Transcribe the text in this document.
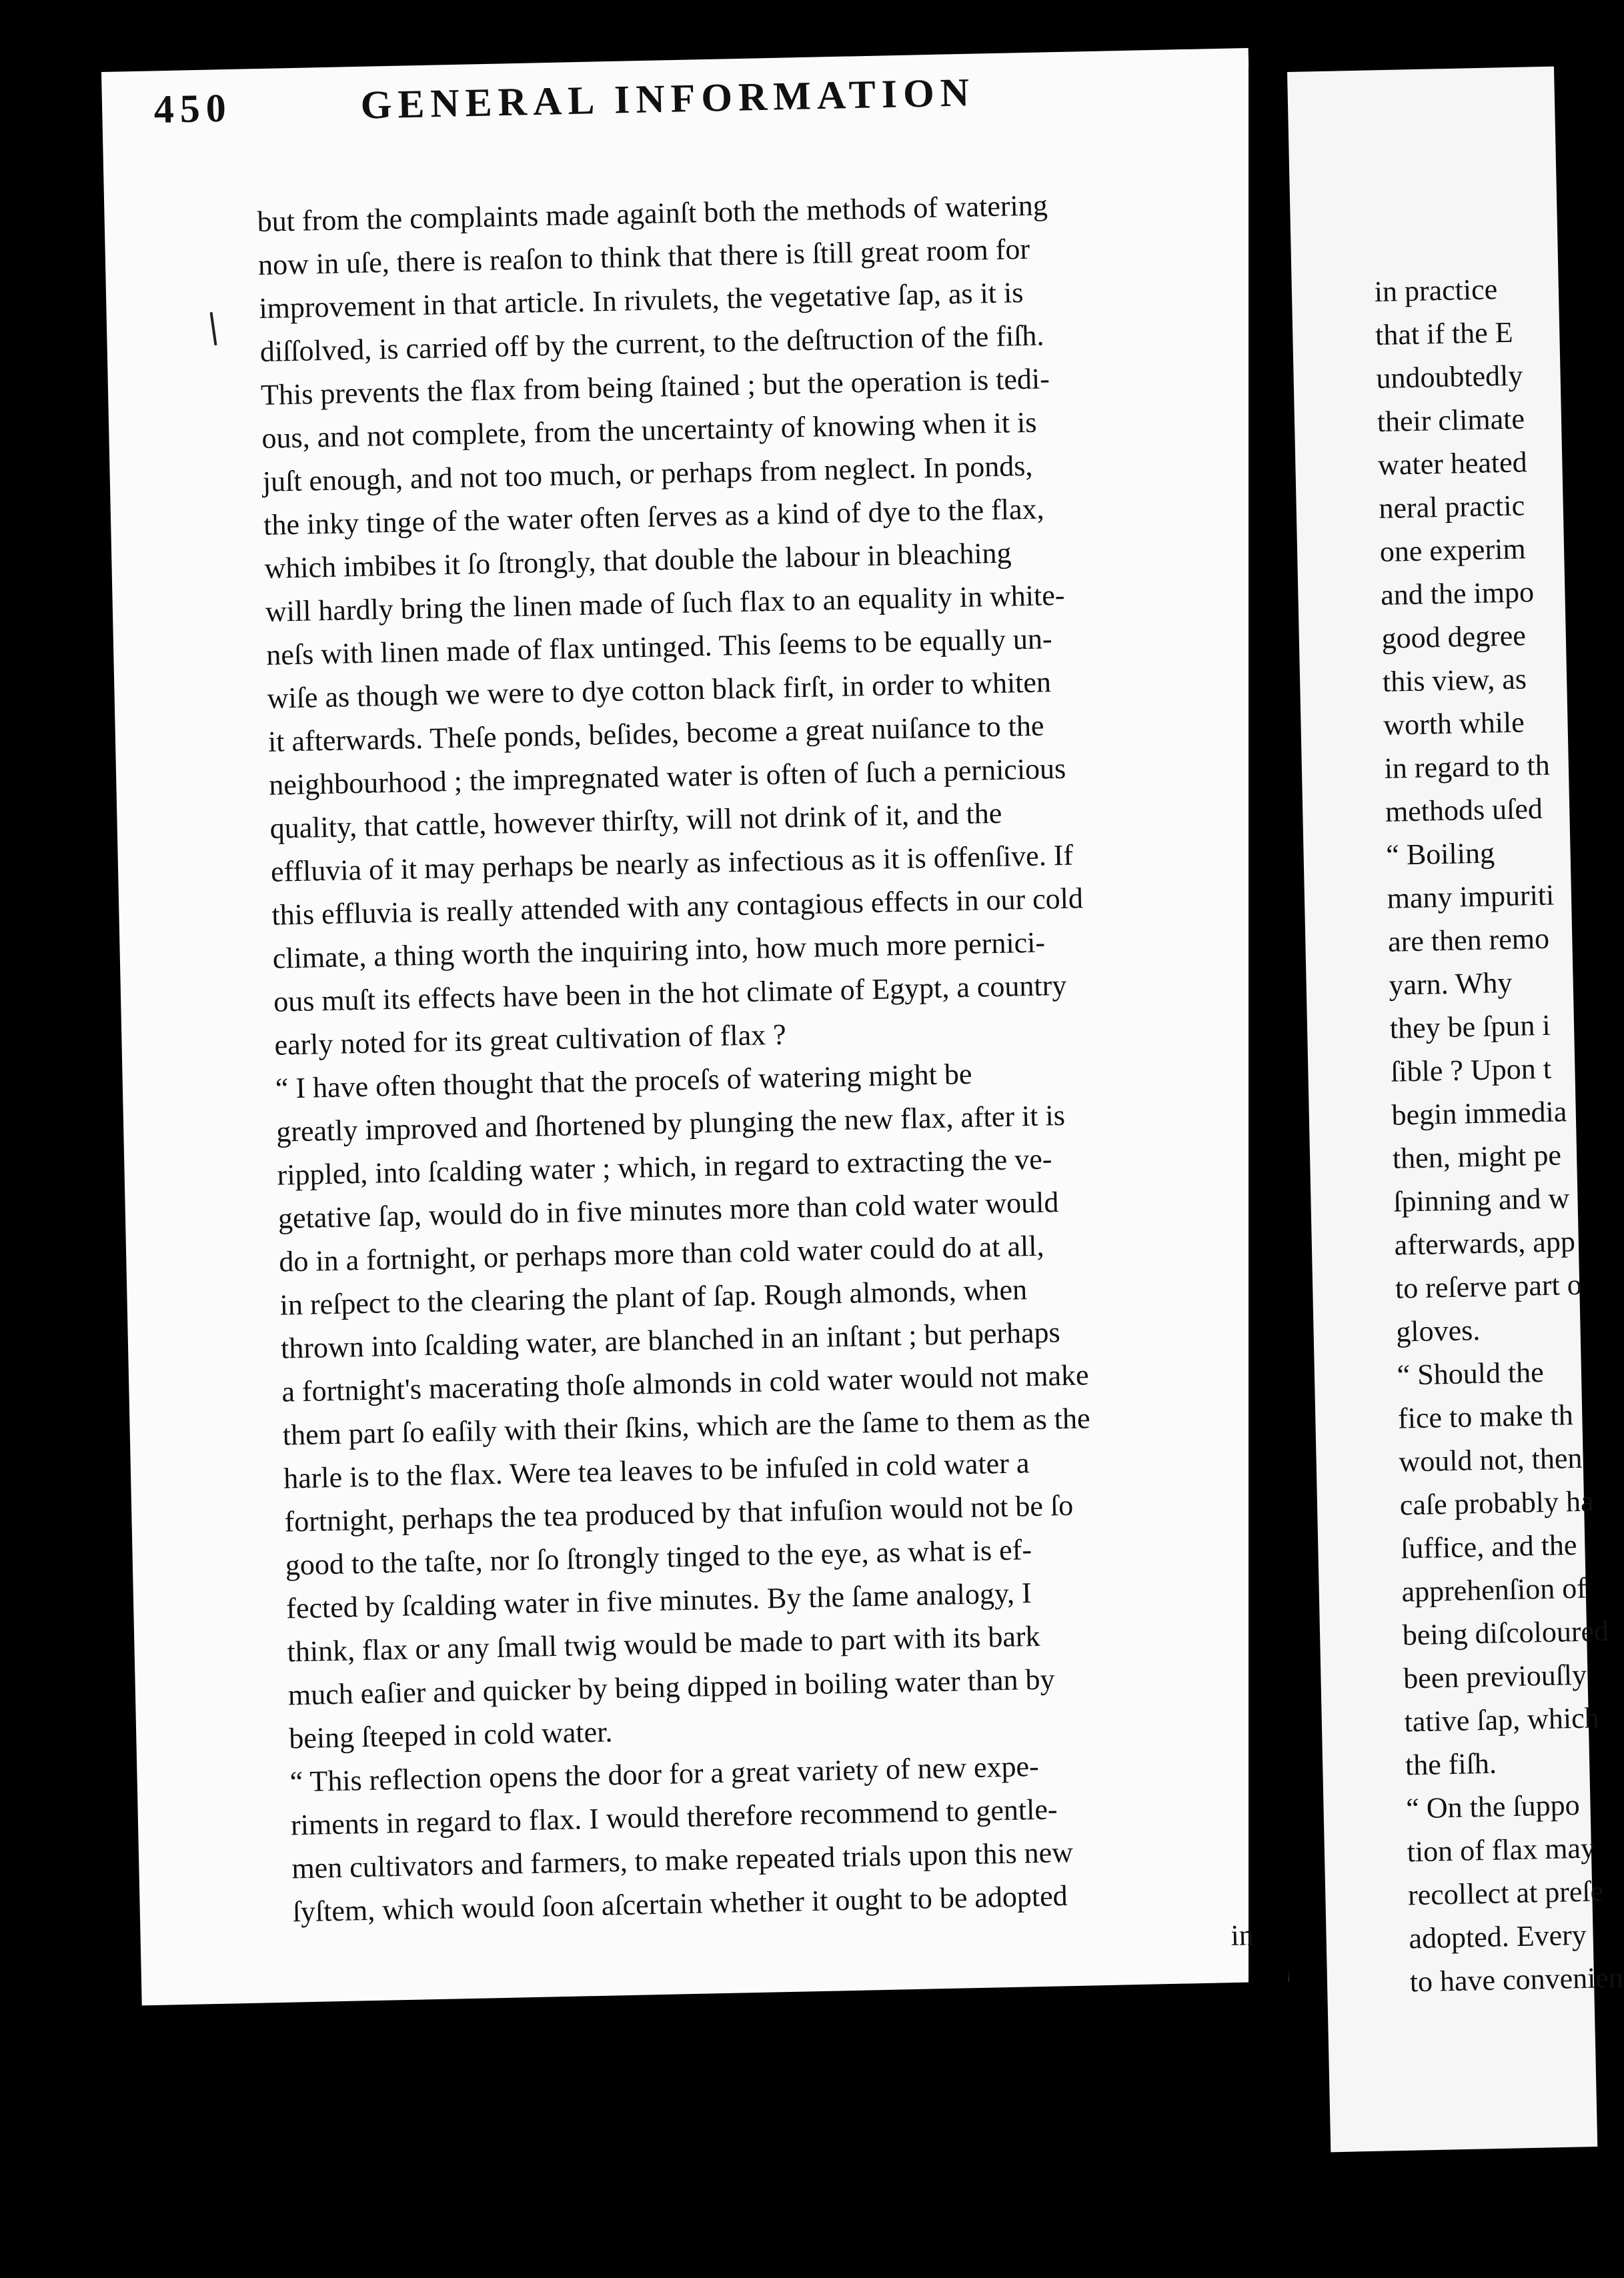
450	GENERAL INFORMATION
but from the complaints made againſt both the methods of watering
now in uſe, there is reaſon to think that there is ſtill great room for
improvement in that article. In rivulets, the vegetative ſap, as it is
diſſolved, is carried off by the current, to the deſtruction of the fiſh.
This prevents the flax from being ſtained ; but the operation is tedi-
ous, and not complete, from the uncertainty of knowing when it is
juſt enough, and not too much, or perhaps from neglect. In ponds,
the inky tinge of the water often ſerves as a kind of dye to the flax,
which imbibes it ſo ſtrongly, that double the labour in bleaching
will hardly bring the linen made of ſuch flax to an equality in white-
neſs with linen made of flax untinged. This ſeems to be equally un-
wiſe as though we were to dye cotton black firſt, in order to whiten
it afterwards. Theſe ponds, beſides, become a great nuiſance to the
neighbourhood ; the impregnated water is often of ſuch a pernicious
quality, that cattle, however thirſty, will not drink of it, and the
effluvia of it may perhaps be nearly as infectious as it is offenſive. If
this effluvia is really attended with any contagious effects in our cold
climate, a thing worth the inquiring into, how much more pernici-
ous muſt its effects have been in the hot climate of Egypt, a country
early noted for its great cultivation of flax ?
“ I have often thought that the proceſs of watering might be
greatly improved and ſhortened by plunging the new flax, after it is
rippled, into ſcalding water ; which, in regard to extracting the ve-
getative ſap, would do in five minutes more than cold water would
do in a fortnight, or perhaps more than cold water could do at all,
in reſpect to the clearing the plant of ſap. Rough almonds, when
thrown into ſcalding water, are blanched in an inſtant ; but perhaps
a fortnight's macerating thoſe almonds in cold water would not make
them part ſo eaſily with their ſkins, which are the ſame to them as the
harle is to the flax. Were tea leaves to be infuſed in cold water a
fortnight, perhaps the tea produced by that infuſion would not be ſo
good to the taſte, nor ſo ſtrongly tinged to the eye, as what is ef-
fected by ſcalding water in five minutes. By the ſame analogy, I
think, flax or any ſmall twig would be made to part with its bark
much eaſier and quicker by being dipped in boiling water than by
being ſteeped in cold water.
“ This reflection opens the door for a great variety of new expe-
riments in regard to flax. I would therefore recommend to gentle-
men cultivators and farmers, to make repeated trials upon this new
ſyſtem, which would ſoon aſcertain whether it ought to be adopted
in
in practice
that if the E
undoubtedly
their climate
water heated
neral practic
one experim
and the impo
good degree
this view, as
worth while
in regard to th
methods uſed
“ Boiling
many impuriti
are then remo
yarn. Why
they be ſpun i
ſible ? Upon t
begin immedia
then, might pe
ſpinning and w
afterwards, app
to reſerve part o
gloves.
“ Should the
fice to make th
would not, then
caſe probably ha
ſuffice, and the
apprehenſion of
being diſcoloured
been previouſly
tative ſap, which
the fiſh.
“ On the ſuppo
tion of flax may
recollect at preſe
adopted. Every
to have convenien
